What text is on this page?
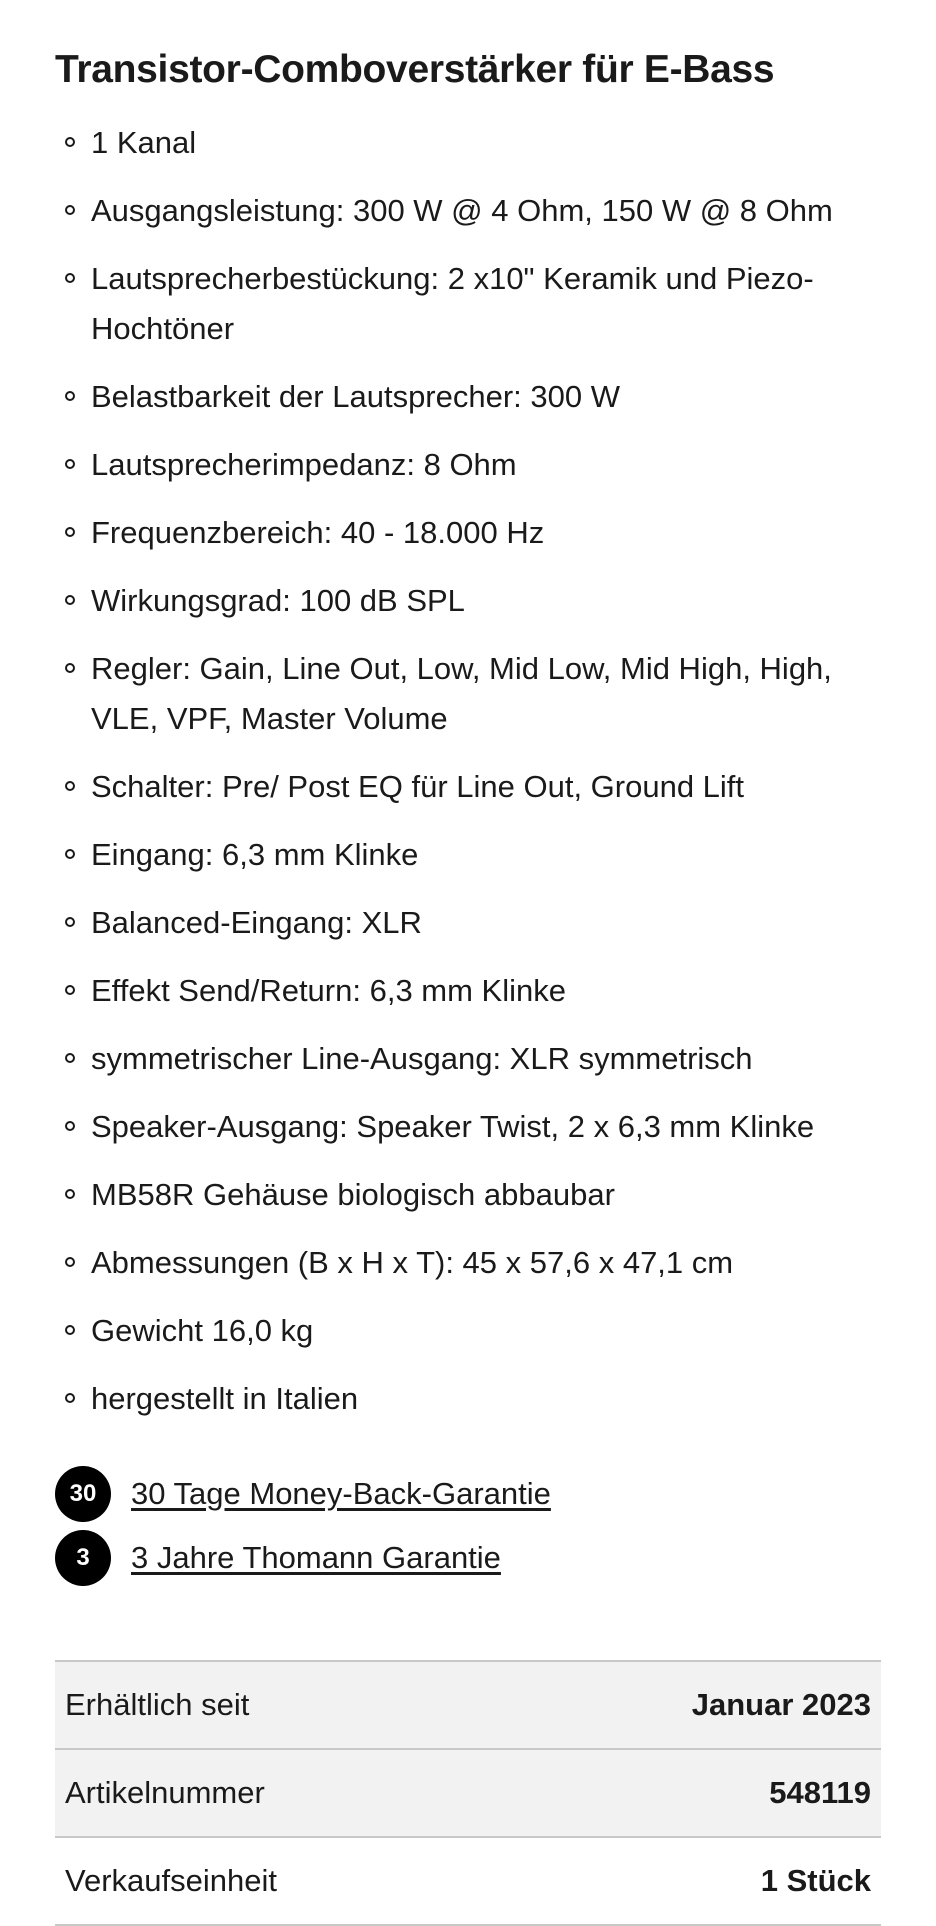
Transistor-Comboverstärker für E-Bass
1 Kanal
Ausgangsleistung: 300 W @ 4 Ohm, 150 W @ 8 Ohm
Lautsprecherbestückung: 2 x10" Keramik und Piezo-Hochtöner
Belastbarkeit der Lautsprecher: 300 W
Lautsprecherimpedanz: 8 Ohm
Frequenzbereich: 40 - 18.000 Hz
Wirkungsgrad: 100 dB SPL
Regler: Gain, Line Out, Low, Mid Low, Mid High, High, VLE, VPF, Master Volume
Schalter: Pre/ Post EQ für Line Out, Ground Lift
Eingang: 6,3 mm Klinke
Balanced-Eingang: XLR
Effekt Send/Return: 6,3 mm Klinke
symmetrischer Line-Ausgang: XLR symmetrisch
Speaker-Ausgang: Speaker Twist, 2 x 6,3 mm Klinke
MB58R Gehäuse biologisch abbaubar
Abmessungen (B x H x T): 45 x 57,6 x 47,1 cm
Gewicht 16,0 kg
hergestellt in Italien
30	30 Tage Money-Back-Garantie
3	3 Jahre Thomann Garantie
Erhältlich seit	Januar 2023
Artikelnummer	548119
Verkaufseinheit	1 Stück
